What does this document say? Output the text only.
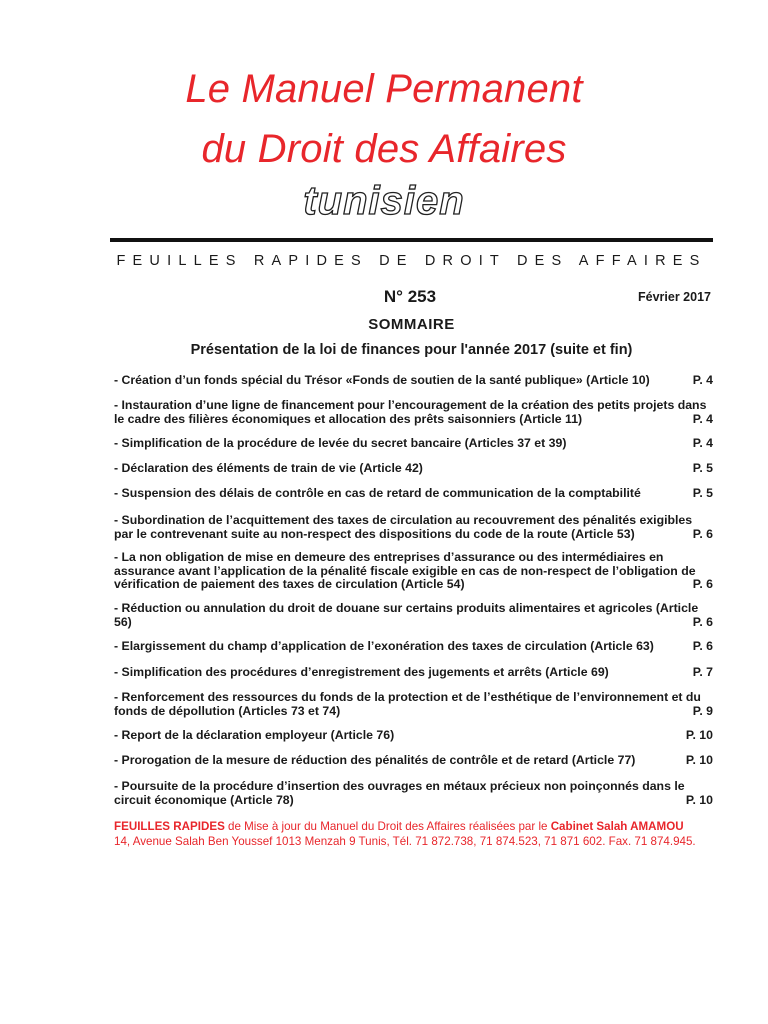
Le Manuel Permanent
du Droit des Affaires
tunisien
FEUILLES RAPIDES DE DROIT DES AFFAIRES
N° 253	Février 2017
SOMMAIRE
Présentation de la loi de finances pour l'année 2017 (suite et fin)
- Création d’un fonds spécial du Trésor «Fonds de soutien de la santé publique» (Article 10)	P. 4
- Instauration d’une ligne de financement pour l’encouragement de la création des petits projets dans le cadre des filières économiques et allocation des prêts saisonniers (Article 11)	P. 4
- Simplification de la procédure de levée du secret bancaire (Articles 37 et 39)	P. 4
- Déclaration des éléments de train de vie (Article 42)	P. 5
- Suspension des délais de contrôle en cas de retard de communication de la comptabilité	P. 5
- Subordination de l’acquittement des taxes de circulation au recouvrement des pénalités exigibles par le contrevenant suite au non-respect des dispositions du code de la route (Article 53)	P. 6
- La non obligation de mise en demeure des entreprises d’assurance ou des intermédiaires en assurance avant l’application de la pénalité fiscale exigible en cas de non-respect de l’obligation de vérification de paiement des taxes de circulation (Article 54)	P. 6
- Réduction ou annulation du droit de douane sur certains produits alimentaires et agricoles (Article 56)	P. 6
- Elargissement du champ d’application de l’exonération des taxes de circulation (Article 63)	P. 6
- Simplification des procédures d’enregistrement des jugements et arrêts (Article 69)	P. 7
- Renforcement des ressources du fonds de la protection et de l’esthétique de l’environnement et du fonds de dépollution (Articles 73 et 74)	P. 9
- Report de la déclaration employeur (Article 76)	P. 10
- Prorogation de la mesure de réduction des pénalités de contrôle et de retard (Article 77)	P. 10
- Poursuite de la procédure d’insertion des ouvrages en métaux précieux non poinçonnés dans le circuit économique (Article 78)	P. 10
FEUILLES RAPIDES de Mise à jour du Manuel du Droit des Affaires réalisées par le Cabinet Salah AMAMOU
14, Avenue Salah Ben Youssef 1013 Menzah 9 Tunis, Tél. 71 872.738, 71 874.523, 71 871 602. Fax. 71 874.945.
